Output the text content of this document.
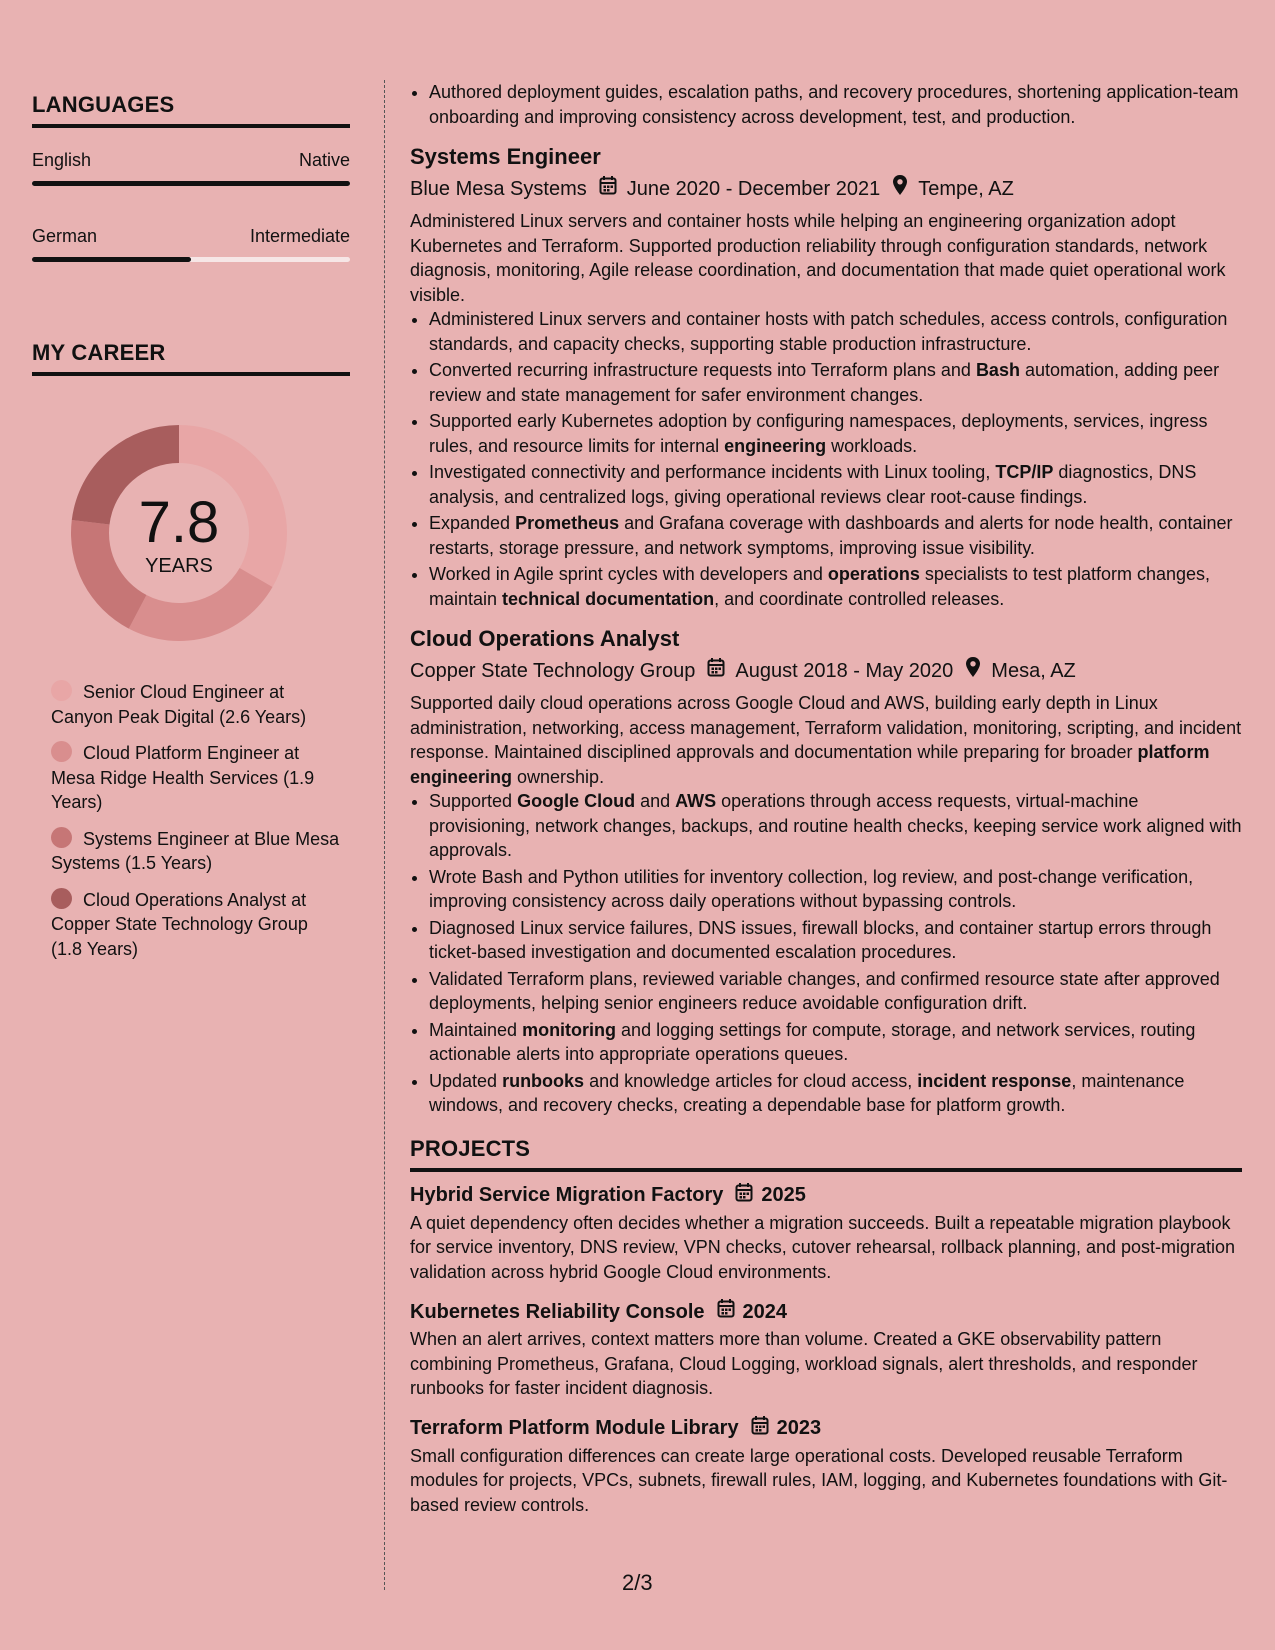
LANGUAGES
English	Native
German	Intermediate
MY CAREER
7.8
YEARS
Senior Cloud Engineer at Canyon Peak Digital (2.6 Years)
Cloud Platform Engineer at Mesa Ridge Health Services (1.9 Years)
Systems Engineer at Blue Mesa Systems (1.5 Years)
Cloud Operations Analyst at Copper State Technology Group (1.8 Years)
• Authored deployment guides, escalation paths, and recovery procedures, shortening application-team onboarding and improving consistency across development, test, and production.
Systems Engineer
Blue Mesa Systems June 2020 - December 2021 Tempe, AZ
Administered Linux servers and container hosts while helping an engineering organization adopt Kubernetes and Terraform. Supported production reliability through configuration standards, network diagnosis, monitoring, Agile release coordination, and documentation that made quiet operational work visible.
• Administered Linux servers and container hosts with patch schedules, access controls, configuration standards, and capacity checks, supporting stable production infrastructure.
• Converted recurring infrastructure requests into Terraform plans and Bash automation, adding peer review and state management for safer environment changes.
• Supported early Kubernetes adoption by configuring namespaces, deployments, services, ingress rules, and resource limits for internal engineering workloads.
• Investigated connectivity and performance incidents with Linux tooling, TCP/IP diagnostics, DNS analysis, and centralized logs, giving operational reviews clear root-cause findings.
• Expanded Prometheus and Grafana coverage with dashboards and alerts for node health, container restarts, storage pressure, and network symptoms, improving issue visibility.
• Worked in Agile sprint cycles with developers and operations specialists to test platform changes, maintain technical documentation, and coordinate controlled releases.
Cloud Operations Analyst
Copper State Technology Group August 2018 - May 2020 Mesa, AZ
Supported daily cloud operations across Google Cloud and AWS, building early depth in Linux administration, networking, access management, Terraform validation, monitoring, scripting, and incident response. Maintained disciplined approvals and documentation while preparing for broader platform engineering ownership.
• Supported Google Cloud and AWS operations through access requests, virtual-machine provisioning, network changes, backups, and routine health checks, keeping service work aligned with approvals.
• Wrote Bash and Python utilities for inventory collection, log review, and post-change verification, improving consistency across daily operations without bypassing controls.
• Diagnosed Linux service failures, DNS issues, firewall blocks, and container startup errors through ticket-based investigation and documented escalation procedures.
• Validated Terraform plans, reviewed variable changes, and confirmed resource state after approved deployments, helping senior engineers reduce avoidable configuration drift.
• Maintained monitoring and logging settings for compute, storage, and network services, routing actionable alerts into appropriate operations queues.
• Updated runbooks and knowledge articles for cloud access, incident response, maintenance windows, and recovery checks, creating a dependable base for platform growth.
PROJECTS
Hybrid Service Migration Factory 2025
A quiet dependency often decides whether a migration succeeds. Built a repeatable migration playbook for service inventory, DNS review, VPN checks, cutover rehearsal, rollback planning, and post-migration validation across hybrid Google Cloud environments.
Kubernetes Reliability Console 2024
When an alert arrives, context matters more than volume. Created a GKE observability pattern combining Prometheus, Grafana, Cloud Logging, workload signals, alert thresholds, and responder runbooks for faster incident diagnosis.
Terraform Platform Module Library 2023
Small configuration differences can create large operational costs. Developed reusable Terraform modules for projects, VPCs, subnets, firewall rules, IAM, logging, and Kubernetes foundations with Git-based review controls.
2/3
